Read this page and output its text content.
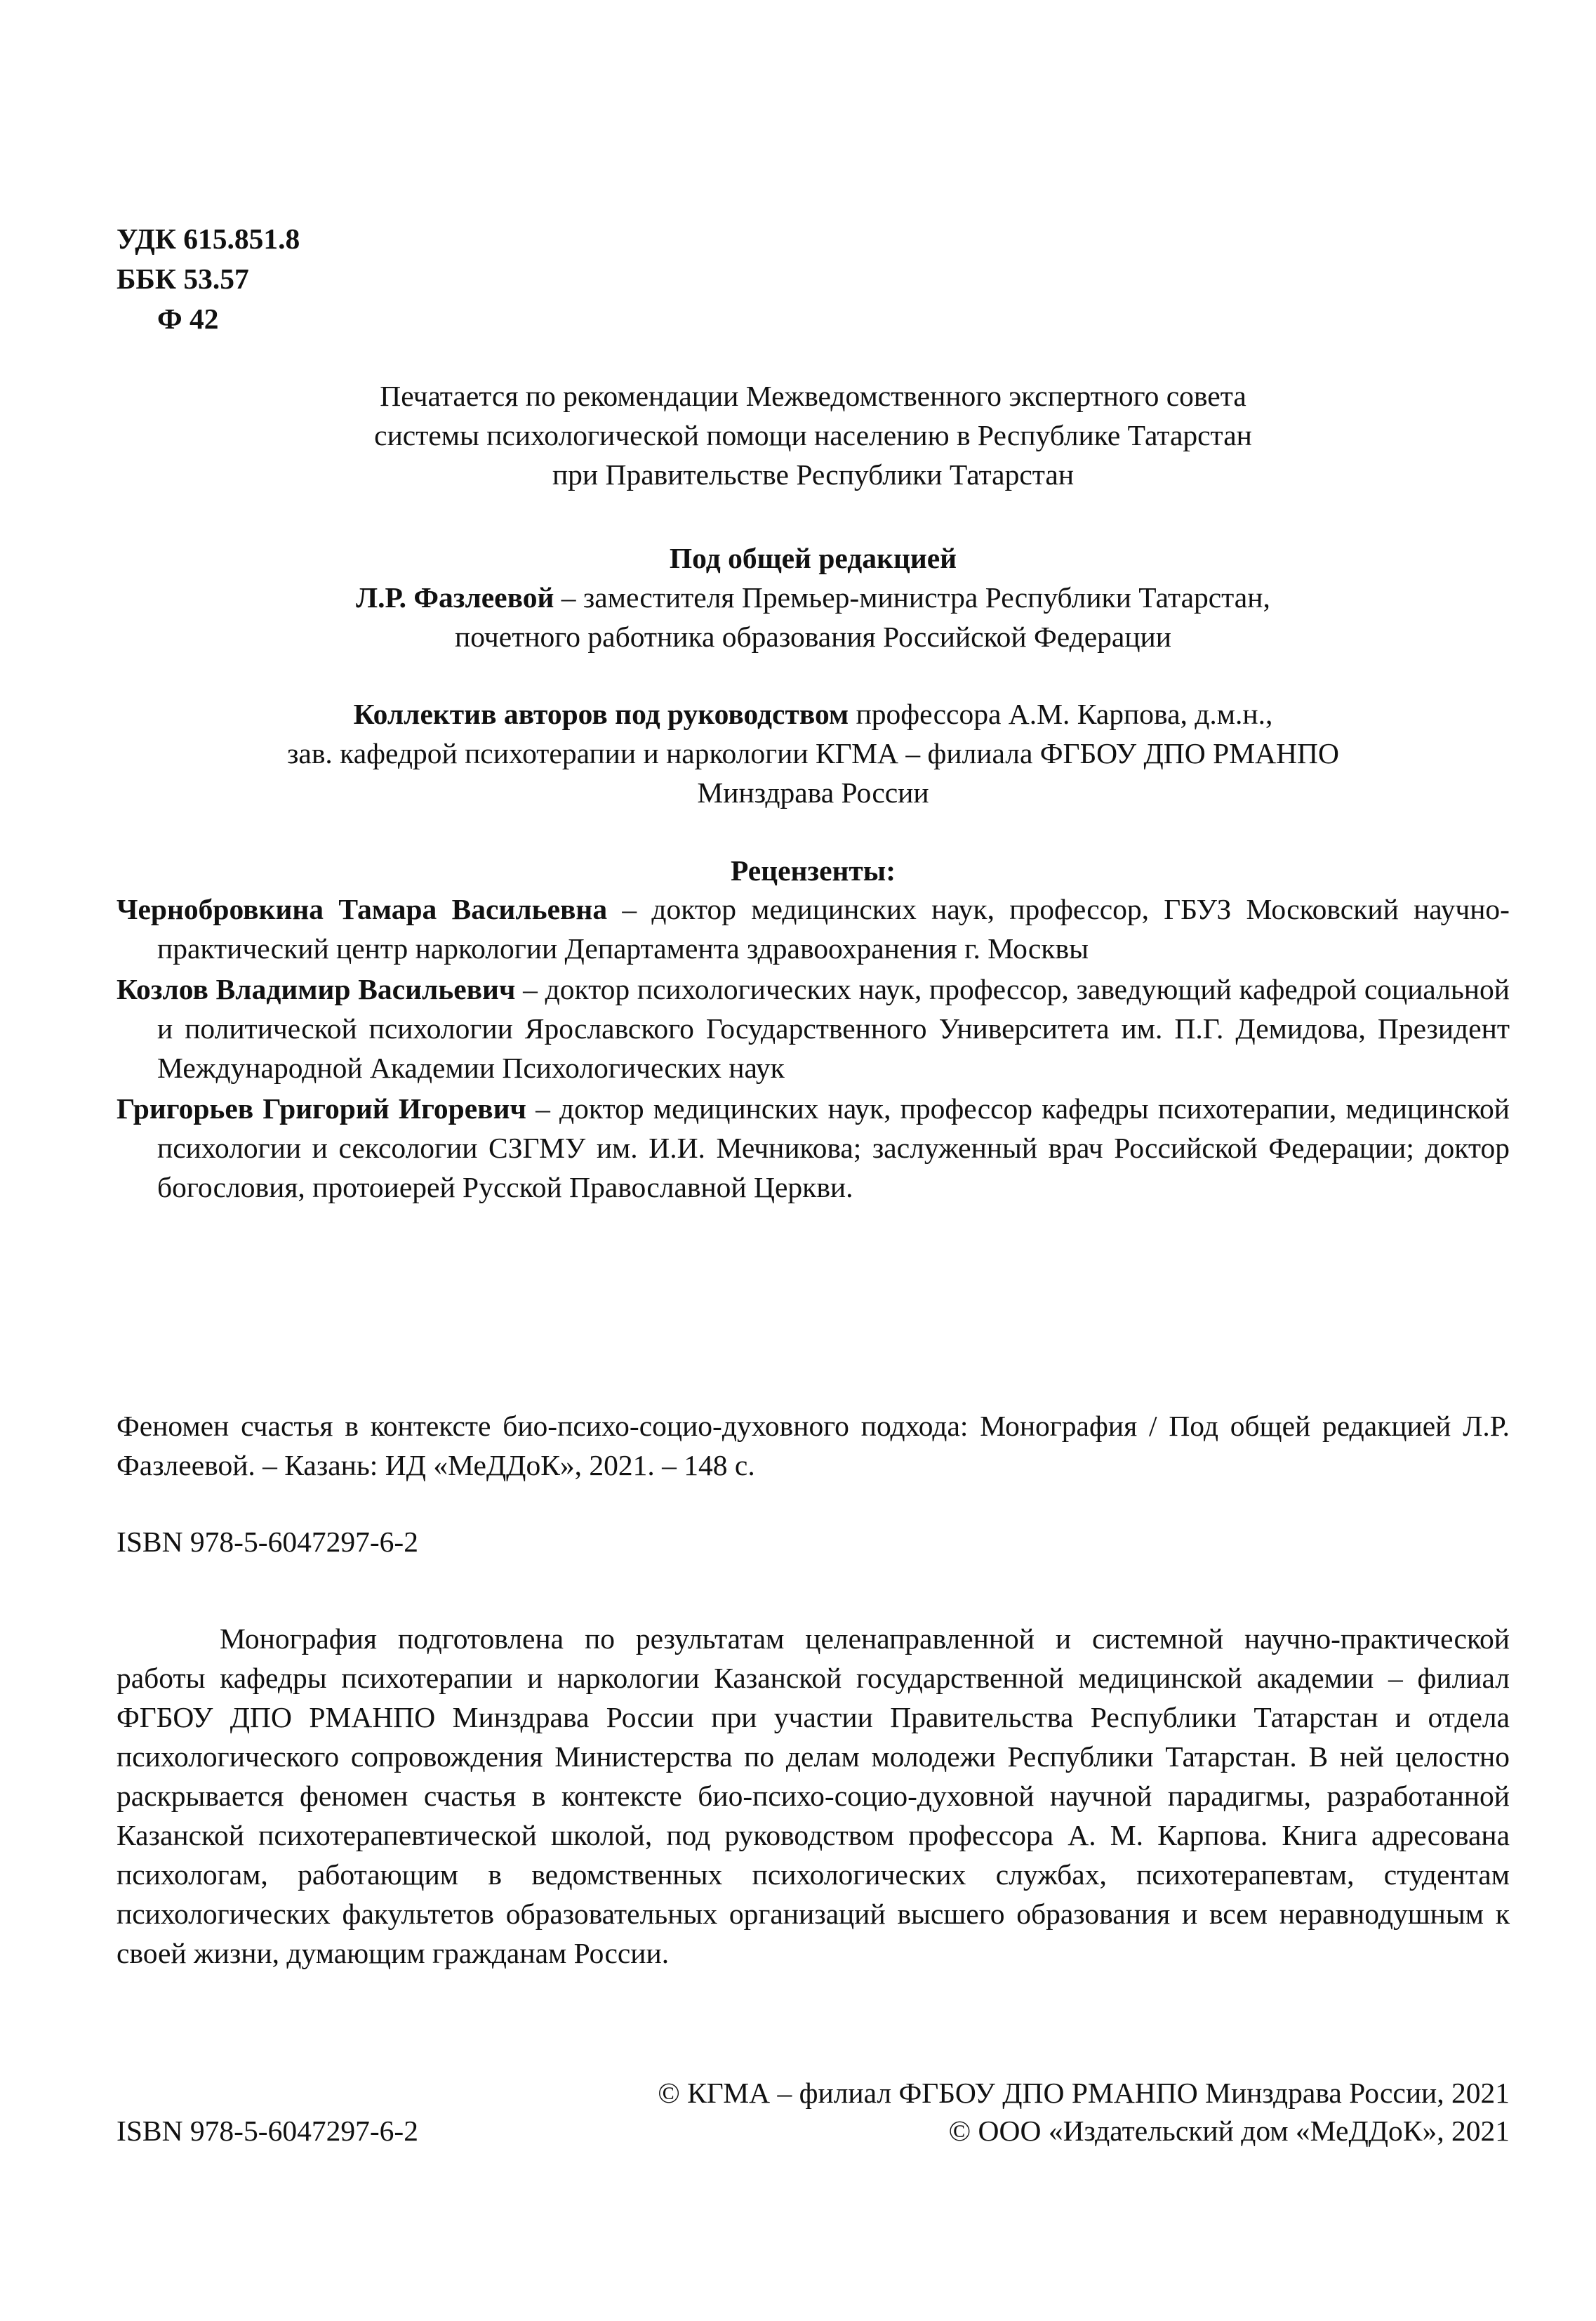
УДК 615.851.8
ББК 53.57
Ф 42
Печатается по рекомендации Межведомственного экспертного совета
системы психологической помощи населению в Республике Татарстан
при Правительстве Республики Татарстан
Под общей редакцией
Л.Р. Фазлеевой – заместителя Премьер-министра Республики Татарстан,
почетного работника образования Российской Федерации
Коллектив авторов под руководством профессора А.М. Карпова, д.м.н.,
зав. кафедрой психотерапии и наркологии КГМА – филиала ФГБОУ ДПО РМАНПО
Минздрава России
Рецензенты:
Чернобровкина Тамара Васильевна – доктор медицинских наук, профессор, ГБУЗ Московский научно-практический центр наркологии Департамента здравоохранения г. Москвы
Козлов Владимир Васильевич – доктор психологических наук, профессор, заведующий кафедрой социальной и политической психологии Ярославского Государственного Университета им. П.Г. Демидова, Президент Международной Академии Психологических наук
Григорьев Григорий Игоревич – доктор медицинских наук, профессор кафедры психотерапии, медицинской психологии и сексологии СЗГМУ им. И.И. Мечникова; заслуженный врач Российской Федерации; доктор богословия, протоиерей Русской Православной Церкви.
Феномен счастья в контексте био-психо-социо-духовного подхода: Монография / Под общей редакцией Л.Р. Фазлеевой. – Казань: ИД «МеДДоК», 2021. – 148 с.
ISBN 978-5-6047297-6-2
Монография подготовлена по результатам целенаправленной и системной научно-практической работы кафедры психотерапии и наркологии Казанской государственной медицинской академии – филиал ФГБОУ ДПО РМАНПО Минздрава России при участии Правительства Республики Татарстан и отдела психологического сопровождения Министерства по делам молодежи Республики Татарстан. В ней целостно раскрывается феномен счастья в контексте био-психо-социо-духовной научной парадигмы, разработанной Казанской психотерапевтической школой, под руководством профессора А. М. Карпова. Книга адресована психологам, работающим в ведомственных психологических службах, психотерапевтам, студентам психологических факультетов образовательных организаций высшего образования и всем неравнодушным к своей жизни, думающим гражданам России.
© КГМА – филиал ФГБОУ ДПО РМАНПО Минздрава России, 2021
© ООО «Издательский дом «МеДДоК», 2021
ISBN 978-5-6047297-6-2
